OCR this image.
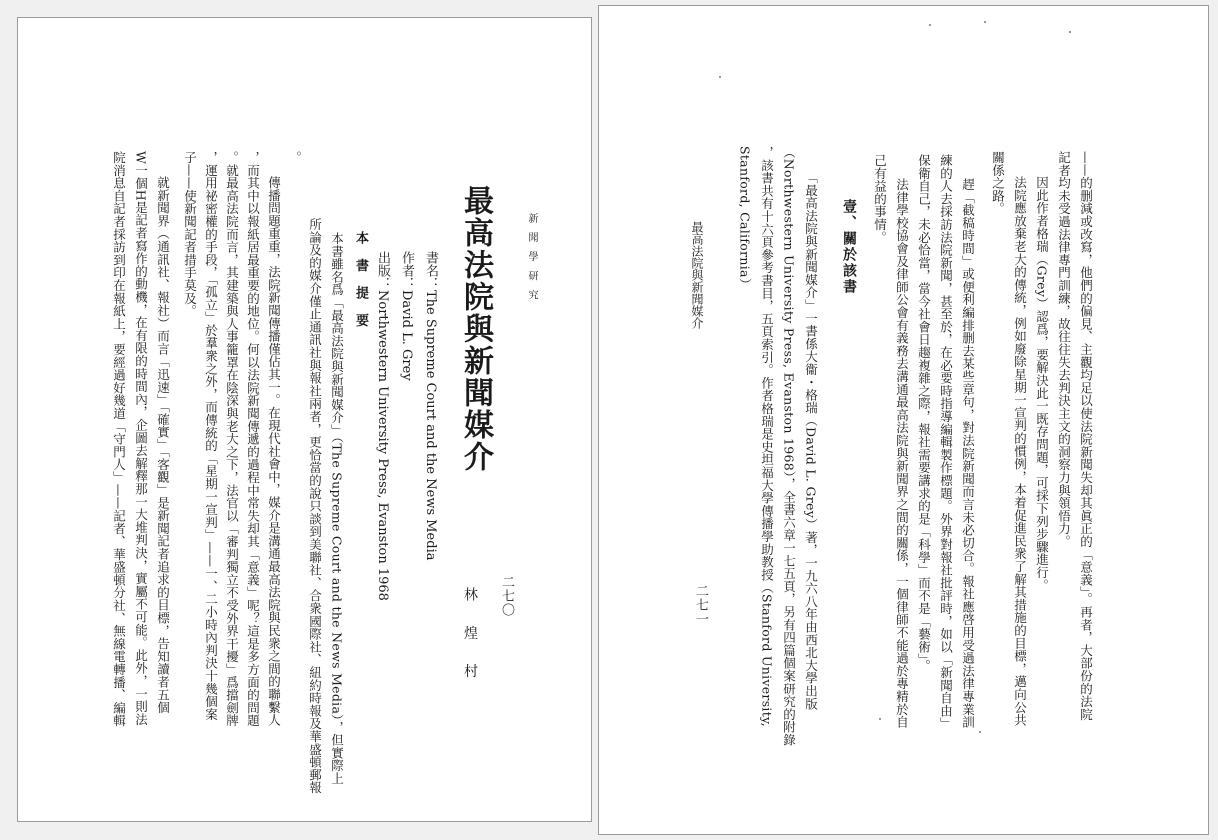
新 聞 學 研 究
最高法院與新聞媒介
書名：The Supreme Court and the News Media
作者：David L. Grey
出版：Northwestern University Press, Evanston 1968
本 書 提 要
二七〇
林 煌 村
本書雖名爲「最高法院與新聞媒介」（The Supreme Court and the News Media），但實際上
所論及的媒介僅止通訊社與報社兩者，更恰當的說只談到美聯社、合衆國際社、紐約時報及華盛頓郵報
。
傳播問題重重，法院新聞傳播僅佔其一。在現代社會中，媒介是溝通最高法院與民衆之間的聯繫人
，而其中以報紙居最重要的地位。何以法院新聞傳遞的過程中常失却其「意義」呢？這是多方面的問題
。就最高法院而言，其建築與人事籠罩在陰深與老大之下，法官以「審判獨立不受外界干擾」爲擋劍牌
，運用祕密權的手段，「孤立」於羣衆之外，而傳統的「星期一宣判」——一、二小時內判決十幾個案
子——使新聞記者措手莫及。
就新聞界（通訊社、報社）而言「迅速」「確實」「客觀」是新聞記者追求的目標，告知讀者五個
W一個H是記者寫作的動機，在有限的時間內，企圖去解釋那一大堆判決，實屬不可能。此外，一則法
院消息自記者採訪到印在報紙上，要經過好幾道「守門人」——記者、華盛頓分社、無線電轉播、編輯	——的删減或改寫，他們的偏見、主觀均足以使法院新聞失却其眞正的「意義」。再者，大部份的法院
記者均未受過法律專門訓練，故往往失去判決主文的洞察力與領悟力。
因此作者格瑞（Grey）認爲，要解決此一既存問題，可採下列步驟進行。
法院應放棄老大的傳統，例如廢除星期一宣判的慣例，本着促進民衆了解其措施的目標，邁向公共
關係之路。
趕「截稿時間」或便利編排删去某些章句，對法院新聞而言未必切合。報社應啓用受過法律專業訓
練的人去採訪法院新聞，甚至於，在必要時指導編輯製作標題。外界對報社批評時，如以「新聞自由」
保衛自己，未必恰當，當今社會日趨複雜之際，報社需要講求的是「科學」而不是「藝術」。
法律學校協會及律師公會有義務去溝通最高法院與新聞界之間的關係，一個律師不能過於專精於自
己有益的事情。
壹、關於該書
「最高法院與新聞媒介」一書係大衞・格瑞（David L. Grey）著，一九六八年由西北大學出版
（Northwestern University Press, Evanston 1968），全書六章一七五頁，另有四篇個案研究的附錄
，該書共有十六頁參考書目，五頁索引。作者格瑞是史坦福大學傳播學助教授（Stanford University,
Stanford, California）
最高法院與新聞媒介
二七一
